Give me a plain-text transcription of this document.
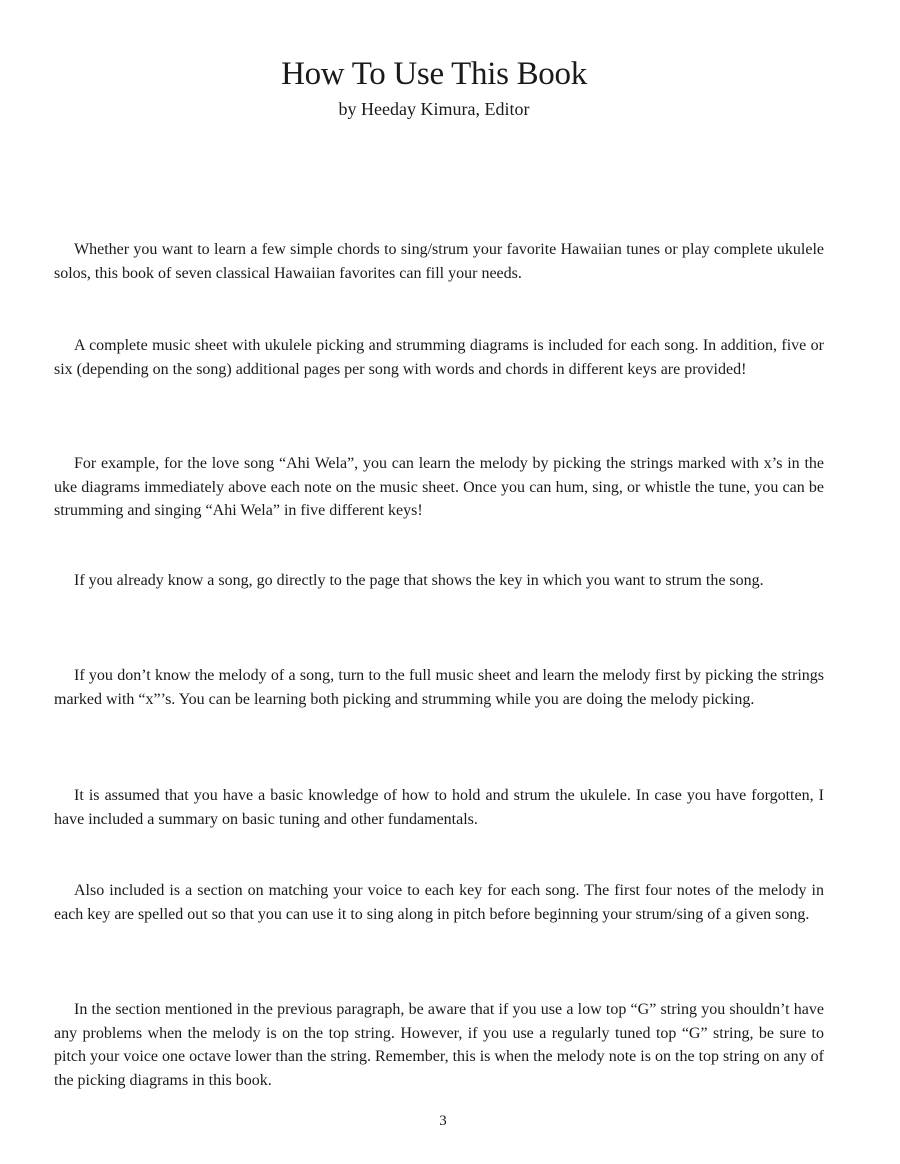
How To Use This Book
by Heeday Kimura, Editor

Whether you want to learn a few simple chords to sing/strum your favorite Hawaiian tunes or play complete ukulele solos, this book of seven classical Hawaiian favorites can fill your needs.

A complete music sheet with ukulele picking and strumming diagrams is included for each song. In addition, five or six (depending on the song) additional pages per song with words and chords in different keys are provided!

For example, for the love song “Ahi Wela”, you can learn the melody by picking the strings marked with x’s in the uke diagrams immediately above each note on the music sheet. Once you can hum, sing, or whistle the tune, you can be strumming and singing “Ahi Wela” in five different keys!

If you already know a song, go directly to the page that shows the key in which you want to strum the song.

If you don’t know the melody of a song, turn to the full music sheet and learn the melody first by picking the strings marked with “x”’s. You can be learning both picking and strumming while you are doing the melody picking.

It is assumed that you have a basic knowledge of how to hold and strum the ukulele. In case you have forgotten, I have included a summary on basic tuning and other fundamentals.

Also included is a section on matching your voice to each key for each song. The first four notes of the melody in each key are spelled out so that you can use it to sing along in pitch before beginning your strum/sing of a given song.

In the section mentioned in the previous paragraph, be aware that if you use a low top “G” string you shouldn’t have any problems when the melody is on the top string. However, if you use a regularly tuned top “G” string, be sure to pitch your voice one octave lower than the string. Remember, this is when the melody note is on the top string on any of the picking diagrams in this book.

3
